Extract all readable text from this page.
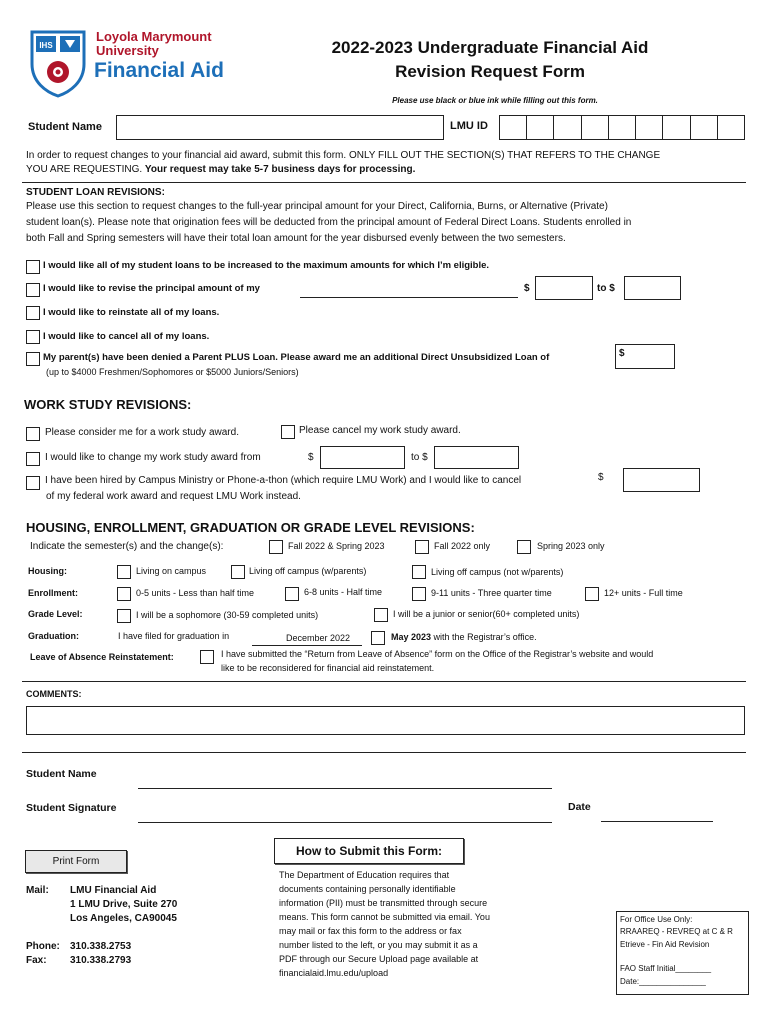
IHS
Loyola Marymount
University
Financial Aid
2022-2023 Undergraduate Financial Aid
Revision Request Form
Please use black or blue ink while filling out this form.
Student Name	LMU ID
In order to request changes to your financial aid award, submit this form. ONLY FILL OUT THE SECTION(S) THAT REFERS TO THE CHANGE
YOU ARE REQUESTING. Your request may take 5-7 business days for processing.
STUDENT LOAN REVISIONS:
Please use this section to request changes to the full-year principal amount for your Direct, California, Burns, or Alternative (Private)
student loan(s). Please note that origination fees will be deducted from the principal amount of Federal Direct Loans. Students enrolled in
both Fall and Spring semesters will have their total loan amount for the year disbursed evenly between the two semesters.
I would like all of my student loans to be increased to the maximum amounts for which I’m eligible.
I would like to revise the principal amount of my	$	to $
I would like to reinstate all of my loans.
I would like to cancel all of my loans.
My parent(s) have been denied a Parent PLUS Loan. Please award me an additional Direct Unsubsidized Loan of	$
(up to $4000 Freshmen/Sophomores or $5000 Juniors/Seniors)
WORK STUDY REVISIONS:
Please consider me for a work study award.	Please cancel my work study award.
I would like to change my work study award from	$	to $
I have been hired by Campus Ministry or Phone-a-thon (which require LMU Work) and I would like to cancel	$
of my federal work award and request LMU Work instead.
HOUSING, ENROLLMENT, GRADUATION OR GRADE LEVEL REVISIONS:
Indicate the semester(s) and the change(s):	Fall 2022 & Spring 2023	Fall 2022 only	Spring 2023 only
Housing:	Living on campus	Living off campus (w/parents)	Living off campus (not w/parents)
Enrollment:	0-5 units - Less than half time	6-8 units - Half time	9-11 units - Three quarter time	12+ units - Full time
Grade Level:	I will be a sophomore (30-59 completed units)	I will be a junior or senior(60+ completed units)
Graduation:	I have filed for graduation in	December 2022	May 2023 with the Registrar’s office.
Leave of Absence Reinstatement:	I have submitted the “Return from Leave of Absence” form on the Office of the Registrar’s website and would
like to be reconsidered for financial aid reinstatement.
COMMENTS:
Student Name
Student Signature	Date
Print Form
Mail: LMU Financial Aid
1 LMU Drive, Suite 270
Los Angeles, CA90045
Phone: 310.338.2753
Fax: 310.338.2793
How to Submit this Form:
The Department of Education requires that
documents containing personally identifiable
information (PII) must be transmitted through secure
means. This form cannot be submitted via email. You
may mail or fax this form to the address or fax
number listed to the left, or you may submit it as a
PDF through our Secure Upload page available at
financialaid.lmu.edu/upload
For Office Use Only:
RRAAREQ - REVREQ at C & R
Etrieve - Fin Aid Revision
FAO Staff Initial________
Date:_______________
